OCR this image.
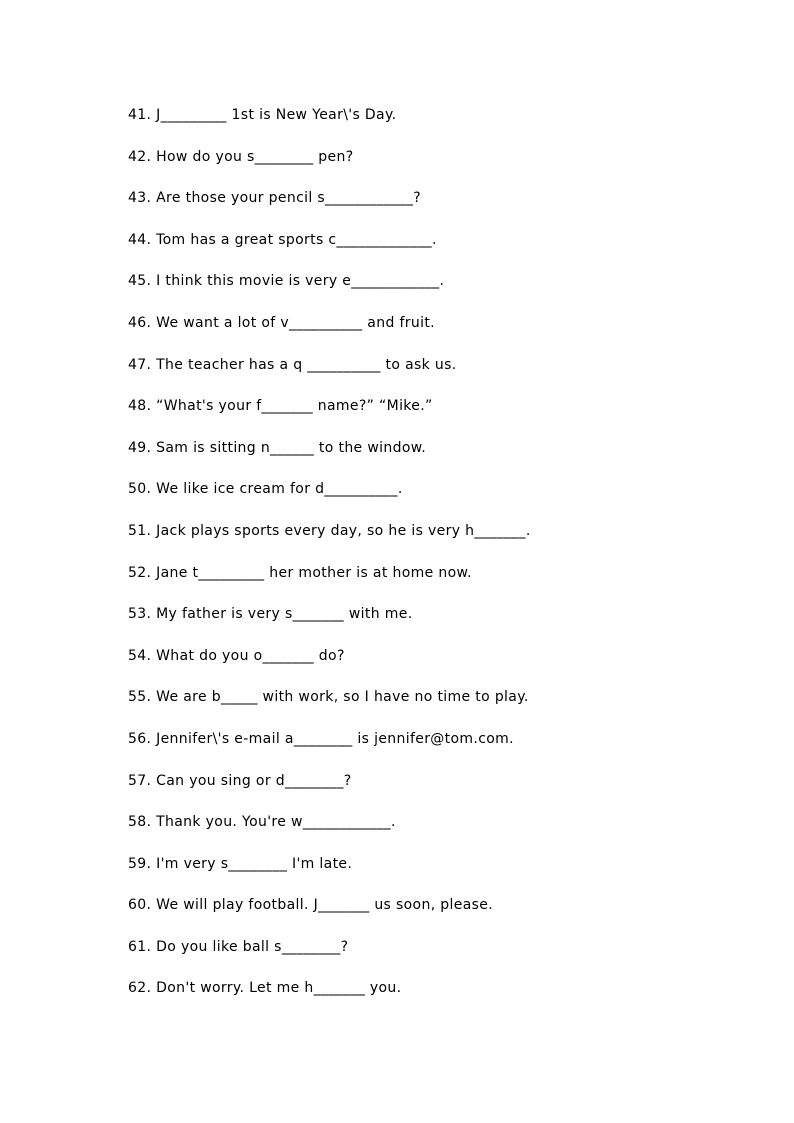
41. J_________ 1st is New Year\'s Day.
42. How do you s________ pen?
43. Are those your pencil s____________?
44. Tom has a great sports c_____________.
45. I think this movie is very e____________.
46. We want a lot of v__________ and fruit.
47. The teacher has a q __________ to ask us.
48. “What's your f_______ name?” “Mike.”
49. Sam is sitting n______ to the window.
50. We like ice cream for d__________.
51. Jack plays sports every day, so he is very h_______.
52. Jane t_________ her mother is at home now.
53. My father is very s_______ with me.
54. What do you o_______ do?
55. We are b_____ with work, so I have no time to play.
56. Jennifer\'s e-mail a________ is jennifer@tom.com.
57. Can you sing or d________?
58. Thank you. You're w____________.
59. I'm very s________ I'm late.
60. We will play football. J_______ us soon, please.
61. Do you like ball s________?
62. Don't worry. Let me h_______ you.
